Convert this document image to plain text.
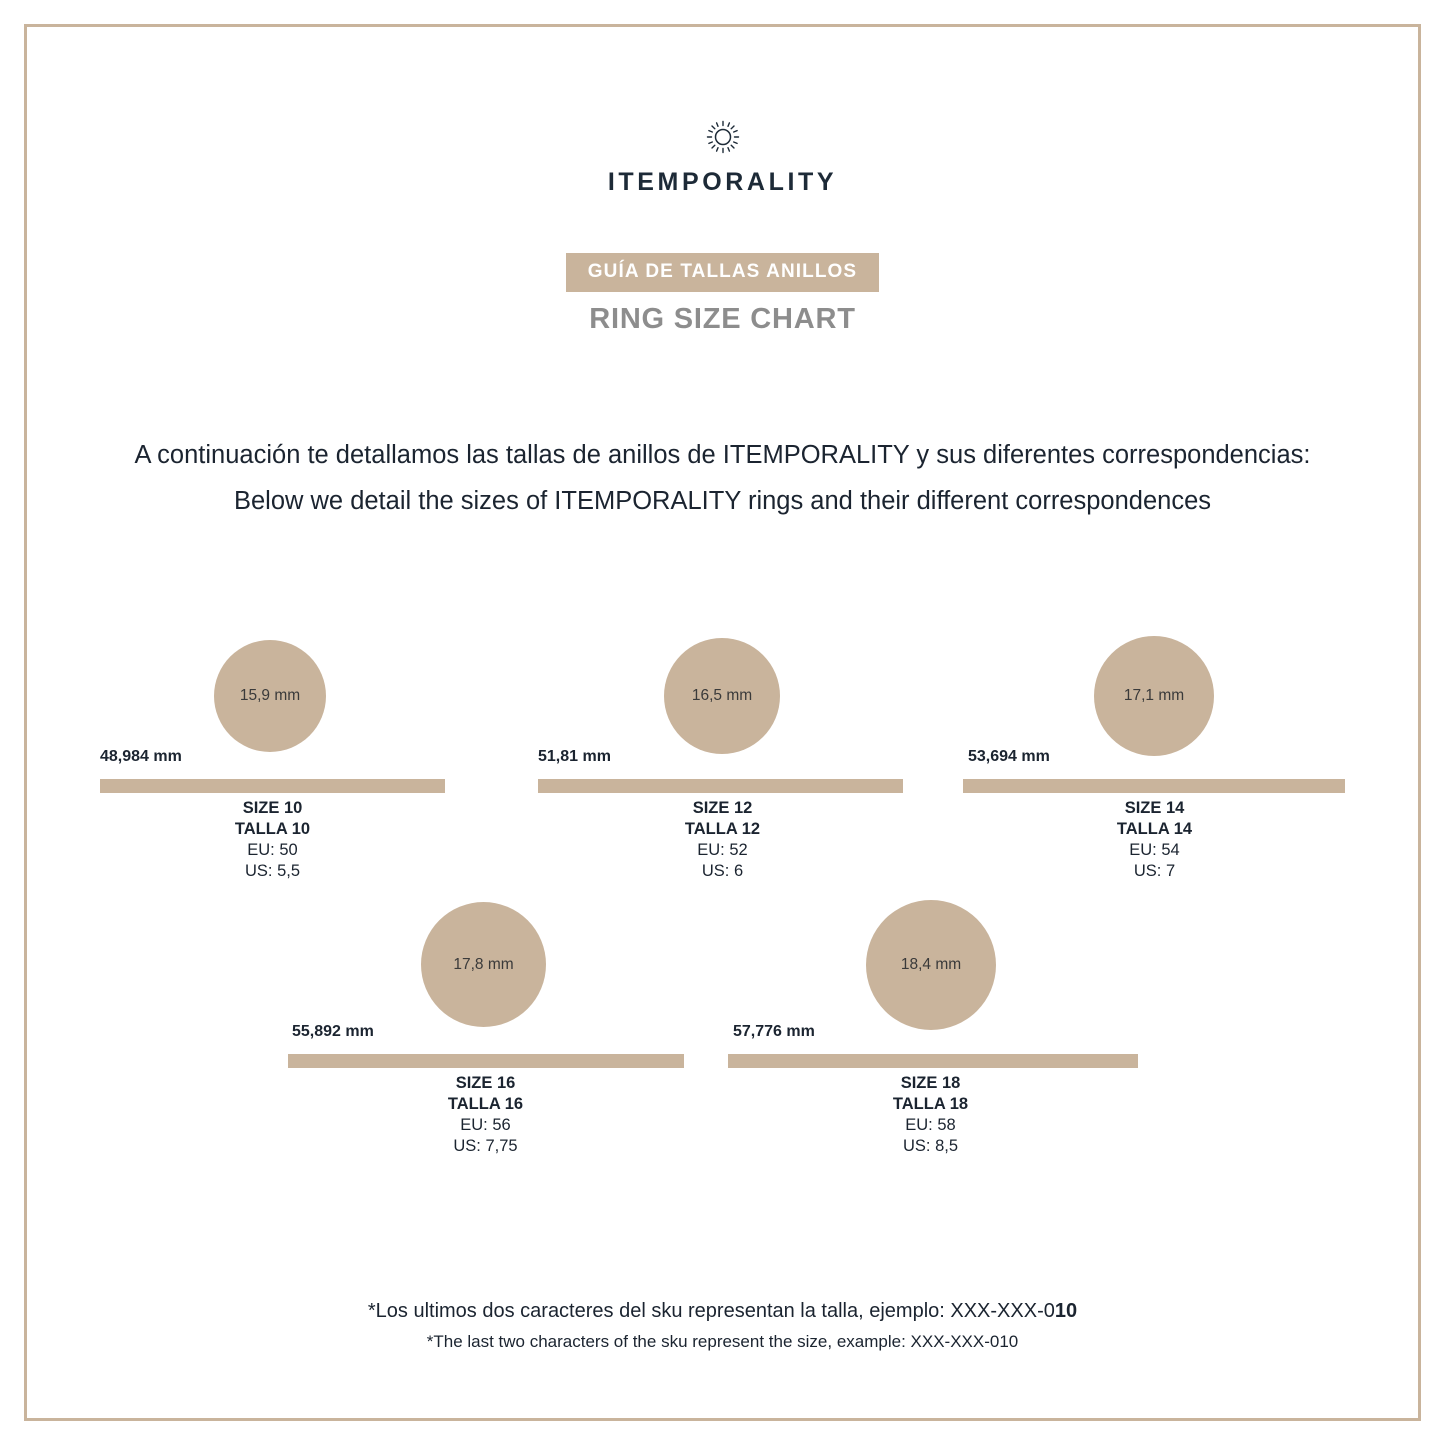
ITEMPORALITY
GUÍA DE TALLAS ANILLOS
RING SIZE CHART
A continuación te detallamos las tallas de anillos de ITEMPORALITY y sus diferentes correspondencias:
Below we detail the sizes of ITEMPORALITY rings and their different correspondences
15,9 mm
48,984 mm
SIZE 10
TALLA 10
EU: 50
US: 5,5
16,5 mm
51,81 mm
SIZE 12
TALLA 12
EU: 52
US: 6
17,1 mm
53,694 mm
SIZE 14
TALLA 14
EU: 54
US: 7
17,8 mm
55,892 mm
SIZE 16
TALLA 16
EU: 56
US: 7,75
18,4 mm
57,776 mm
SIZE 18
TALLA 18
EU: 58
US: 8,5
*Los ultimos dos caracteres del sku representan la talla, ejemplo: XXX-XXX-010
*The last two characters of the sku represent the size, example: XXX-XXX-010
